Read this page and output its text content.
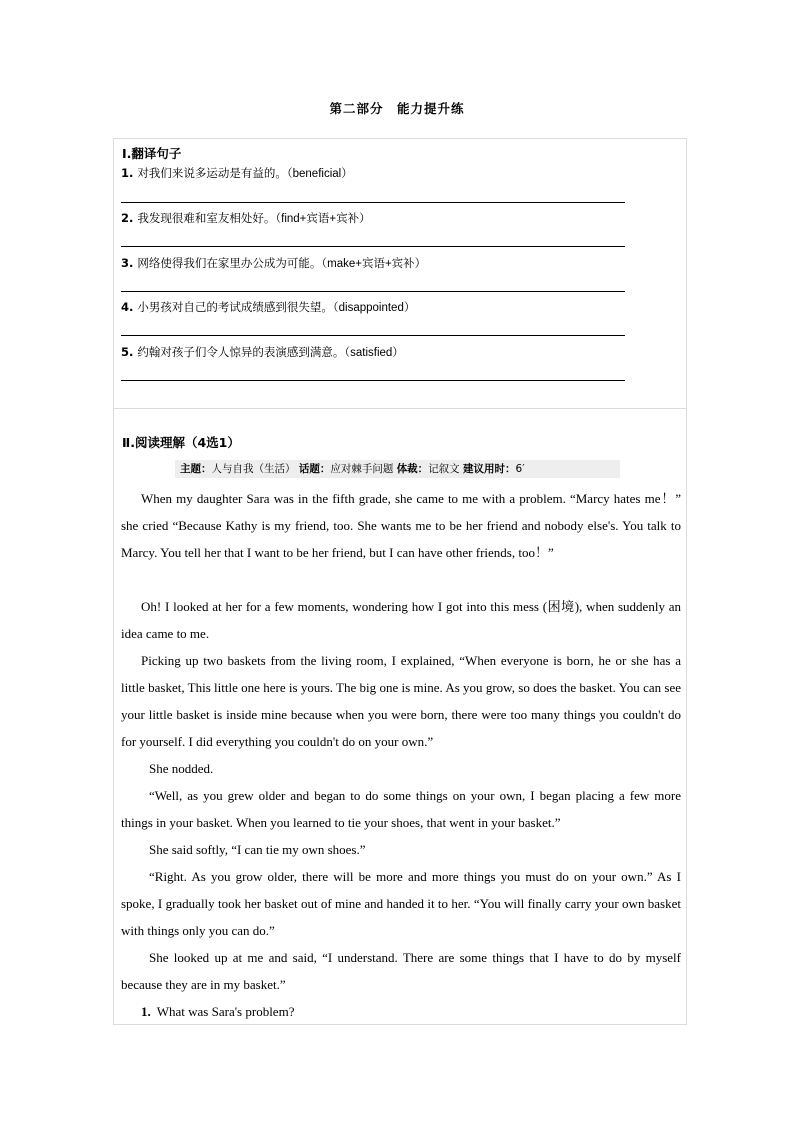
第二部分　能力提升练
Ⅰ.翻译句子
1. 对我们来说多运动是有益的。（beneficial）
2. 我发现很难和室友相处好。（find+宾语+宾补）
3. 网络使得我们在家里办公成为可能。（make+宾语+宾补）
4. 小男孩对自己的考试成绩感到很失望。（disappointed）
5. 约翰对孩子们令人惊异的表演感到满意。（satisfied）
Ⅱ.阅读理解（4选1）
主题：人与自我（生活） 话题：应对棘手问题 体裁：记叙文 建议用时：6′
When my daughter Sara was in the fifth grade, she came to me with a problem. “Marcy hates me！” she cried “Because Kathy is my friend, too. She wants me to be her friend and nobody else's. You talk to Marcy. You tell her that I want to be her friend, but I can have other friends, too！”
Oh! I looked at her for a few moments, wondering how I got into this mess (困境), when suddenly an idea came to me.
Picking up two baskets from the living room, I explained, “When everyone is born, he or she has a little basket, This little one here is yours. The big one is mine. As you grow, so does the basket. You can see your little basket is inside mine because when you were born, there were too many things you couldn't do for yourself. I did everything you couldn't do on your own.”
She nodded.
“Well, as you grew older and began to do some things on your own, I began placing a few more things in your basket. When you learned to tie your shoes, that went in your basket.”
She said softly, “I can tie my own shoes.”
“Right. As you grow older, there will be more and more things you must do on your own.” As I spoke, I gradually took her basket out of mine and handed it to her. “You will finally carry your own basket with things only you can do.”
She looked up at me and said, “I understand. There are some things that I have to do by myself because they are in my basket.”
1. What was Sara's problem?
